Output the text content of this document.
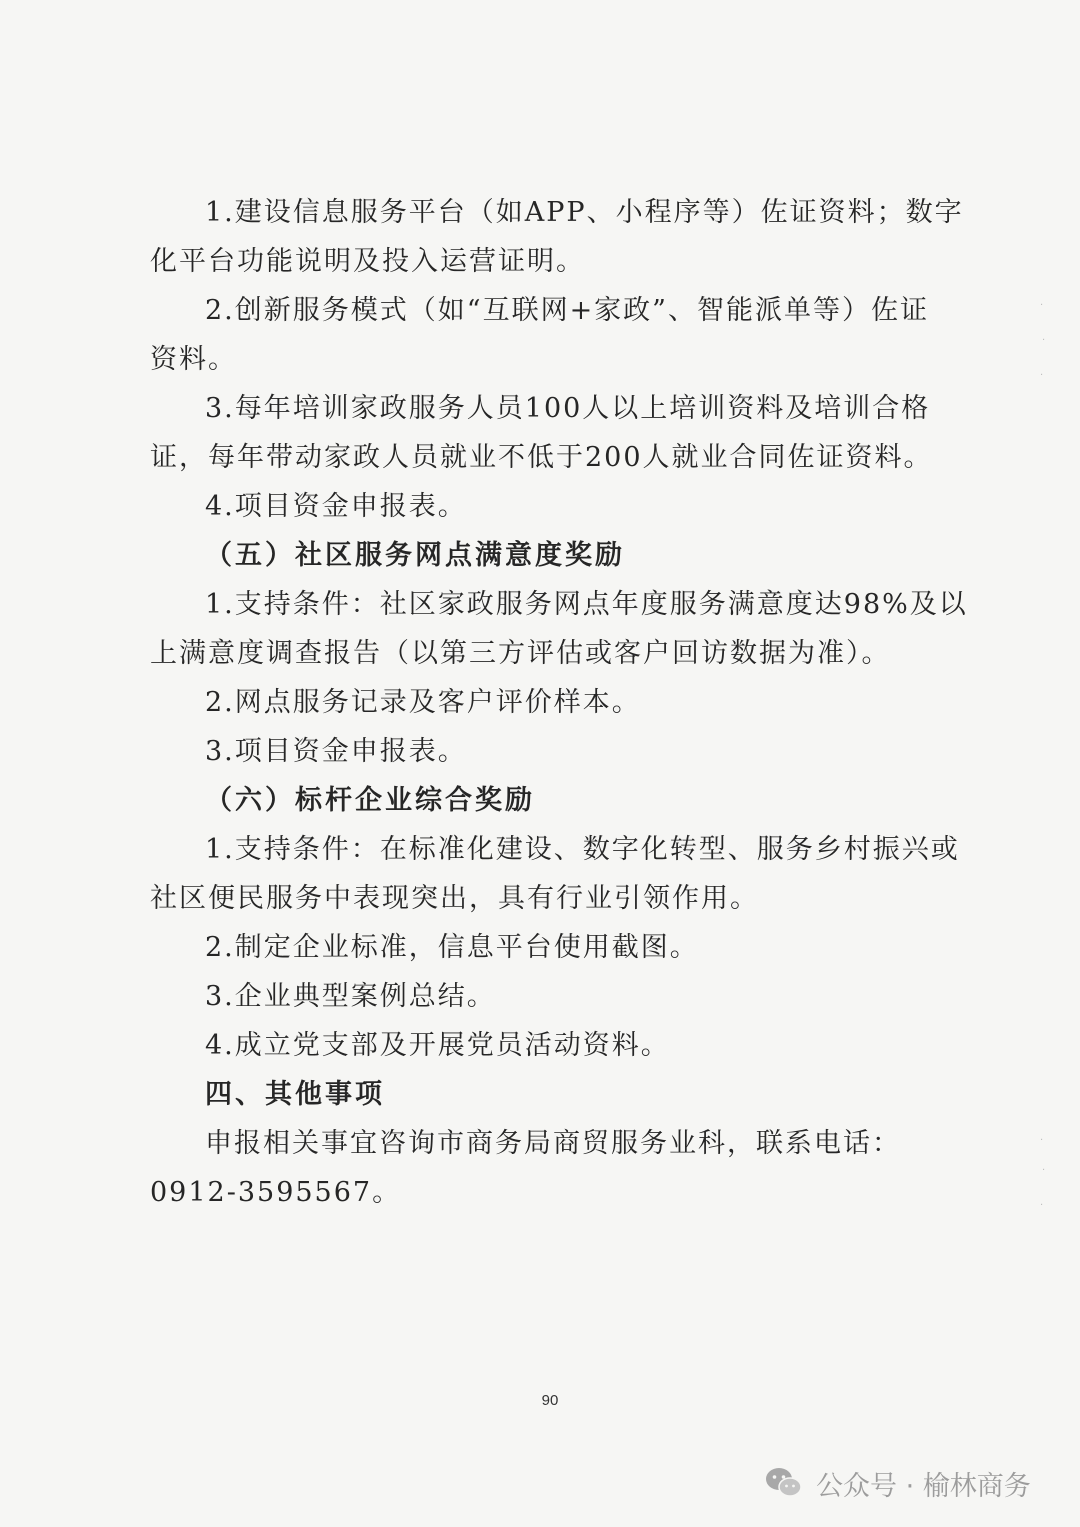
1.建设信息服务平台（如APP、小程序等）佐证资料；数字
化平台功能说明及投入运营证明。
2.创新服务模式（如“互联网+家政”、智能派单等）佐证
资料。
3.每年培训家政服务人员100人以上培训资料及培训合格
证，每年带动家政人员就业不低于200人就业合同佐证资料。
4.项目资金申报表。
（五）社区服务网点满意度奖励
1.支持条件：社区家政服务网点年度服务满意度达98%及以
上满意度调查报告（以第三方评估或客户回访数据为准）。
2.网点服务记录及客户评价样本。
3.项目资金申报表。
（六）标杆企业综合奖励
1.支持条件：在标准化建设、数字化转型、服务乡村振兴或
社区便民服务中表现突出，具有行业引领作用。
2.制定企业标准，信息平台使用截图。
3.企业典型案例总结。
4.成立党支部及开展党员活动资料。
四、其他事项
申报相关事宜咨询市商务局商贸服务业科，联系电话：
0912-3595567。
90
·
·
·
·
·
·
公众号 · 榆林商务
